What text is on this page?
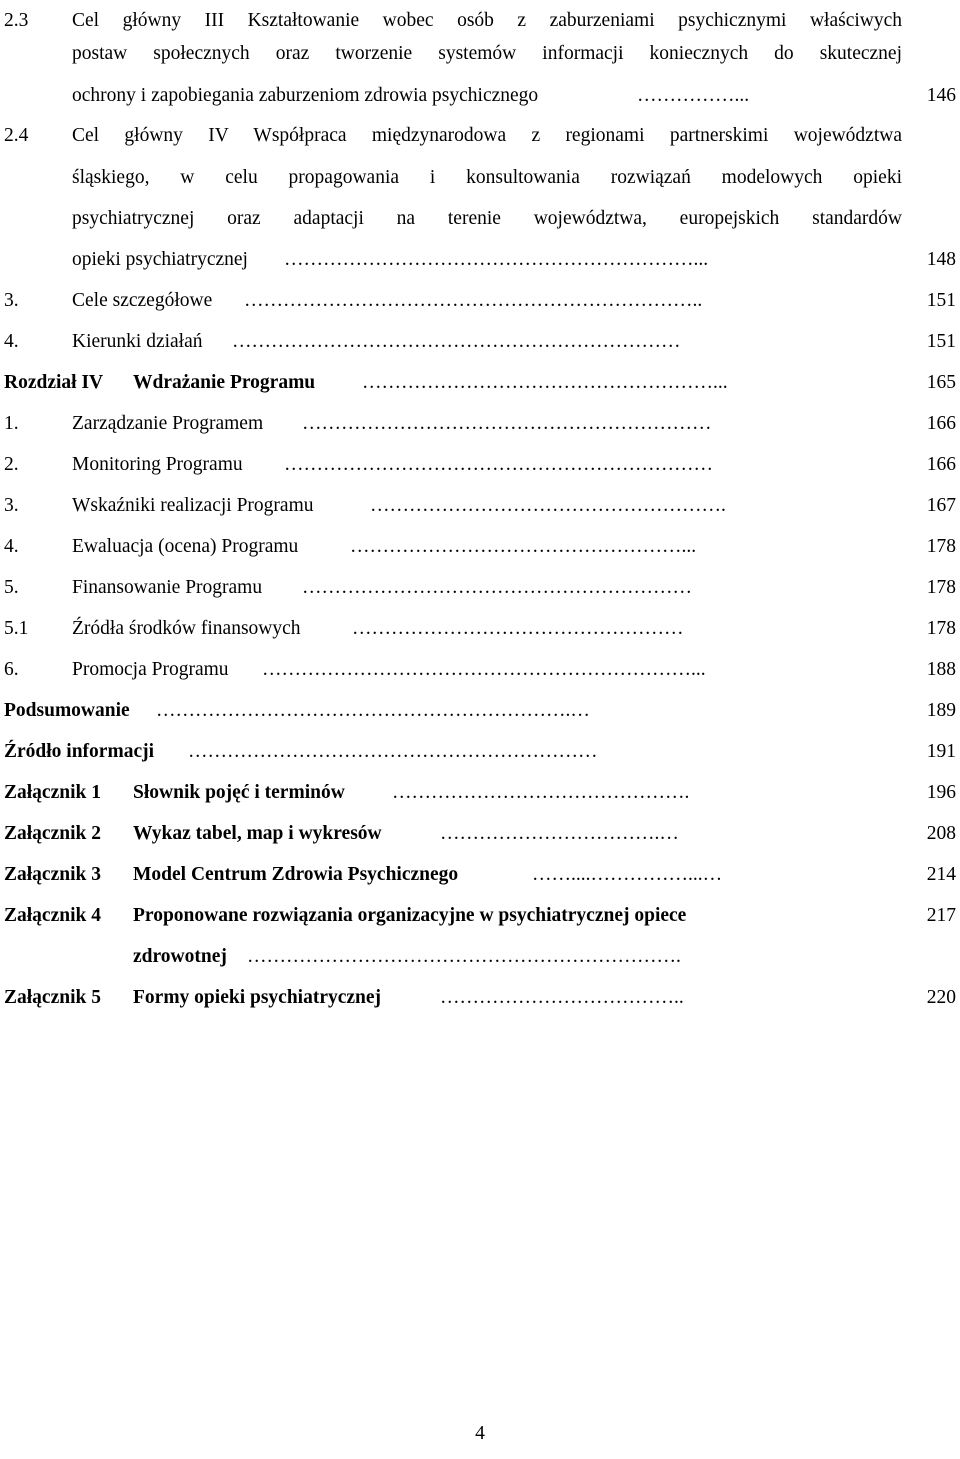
2.3 Cel główny III Kształtowanie wobec osób z zaburzeniami psychicznymi właściwych
postaw społecznych oraz tworzenie systemów informacji koniecznych do skutecznej
ochrony i zapobiegania zaburzeniom zdrowia psychicznego	……………...	146
2.4 Cel główny IV Współpraca międzynarodowa z regionami partnerskimi województwa
śląskiego, w celu propagowania i konsultowania rozwiązań modelowych opieki
psychiatrycznej oraz adaptacji na terenie województwa, europejskich standardów
opieki psychiatrycznej ………………………………………………………...	148
3.	Cele szczegółowe ……………………………………………………………..	151
4.	Kierunki działań ……………………………………………………………	151
Rozdział IV Wdrażanie Programu ………………………………………………...	165
1.	Zarządzanie Programem ………………………………………………………	166
2.	Monitoring Programu …………………………………………………………	166
3.	Wskaźniki realizacji Programu	……………………………………………….	167
4.	Ewaluacja (ocena) Programu	……………………………………………...	178
5.	Finansowanie Programu ……………………………………………………	178
5.1 Źródła środków finansowych	……………………………………………	178
6.	Promocja Programu …………………………………………………………...	188
Podsumowanie ……………………………………………………….…	189
Źródło informacji ………………………………………………………	191
Załącznik 1 Słownik pojęć i terminów ……………………………………….	196
Załącznik 2 Wykaz tabel, map i wykresów	…………………………….…	208
Załącznik 3 Model Centrum Zdrowia Psychicznego	……....……………...…	214
Załącznik 4 Proponowane rozwiązania organizacyjne w psychiatrycznej opiece	217
zdrowotnej ………………………………………………………….
Załącznik 5 Formy opieki psychiatrycznej	………………………………..	220
4
